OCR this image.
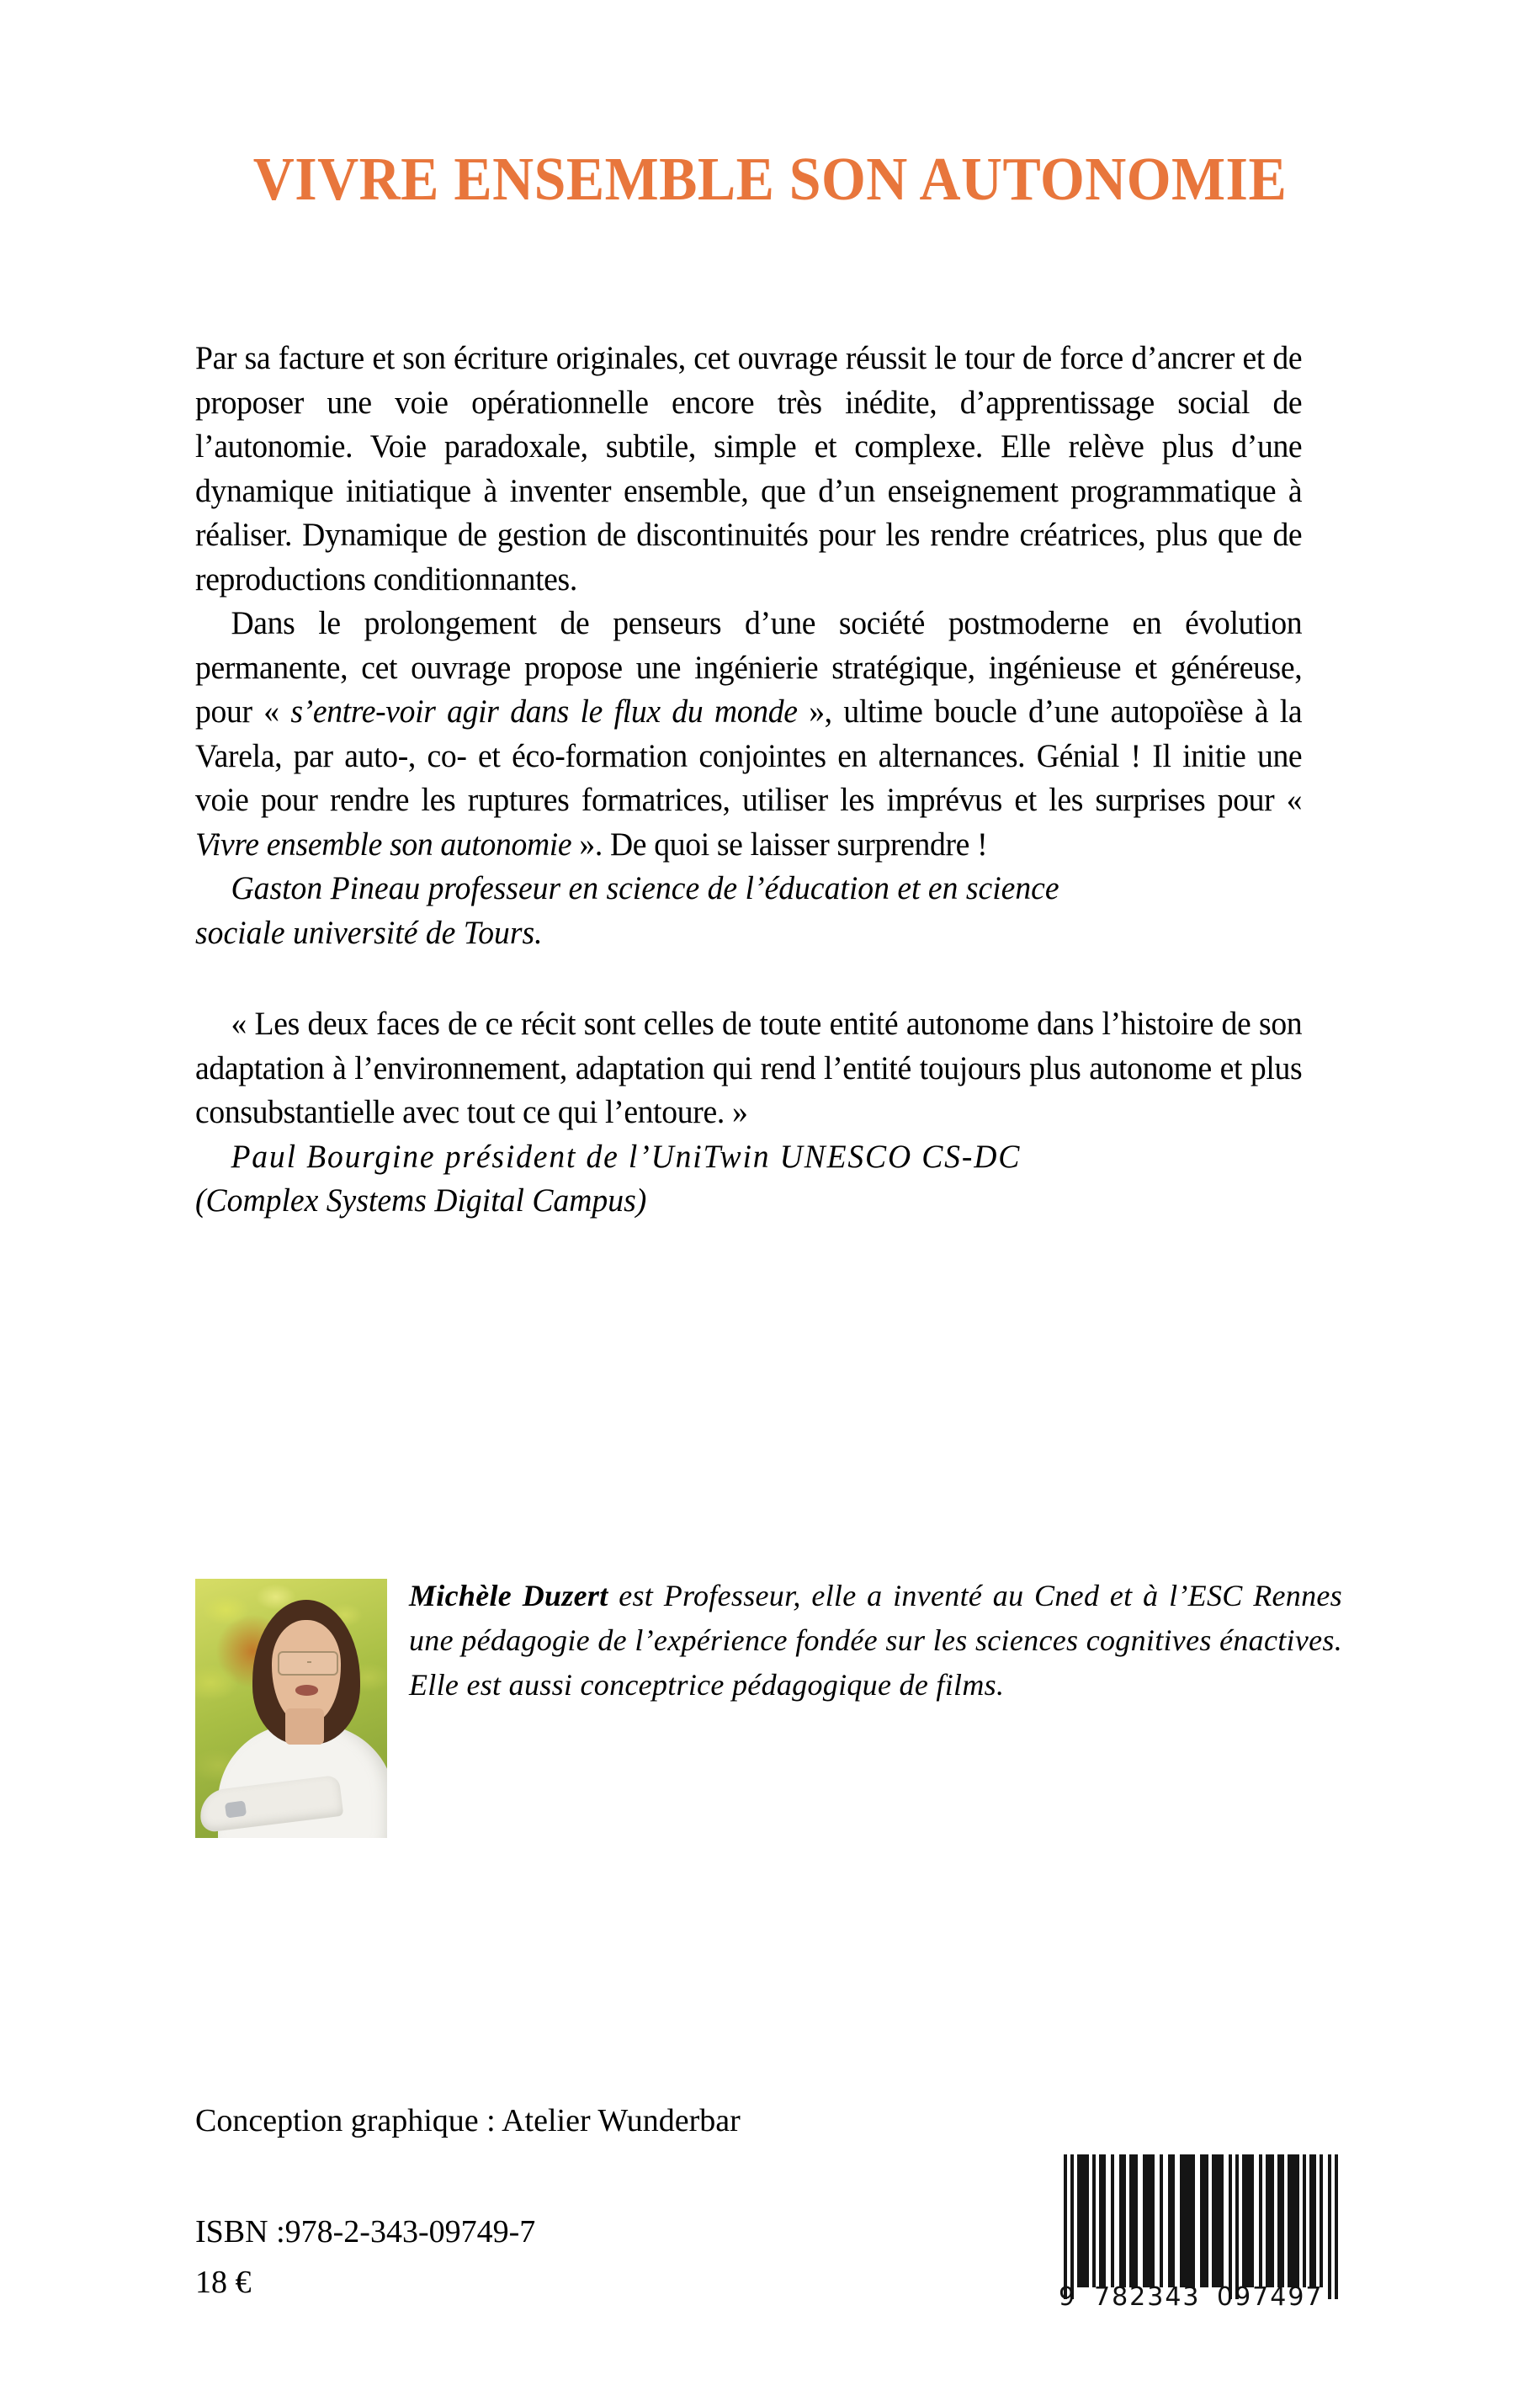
VIVRE ENSEMBLE SON AUTONOMIE

Par sa facture et son écriture originales, cet ouvrage réussit le tour de force d’ancrer et de proposer une voie opérationnelle encore très inédite, d’apprentissage social de l’autonomie. Voie paradoxale, subtile, simple et complexe. Elle relève plus d’une dynamique initiatique à inventer ensemble, que d’un enseignement programmatique à réaliser. Dynamique de gestion de discontinuités pour les rendre créatrices, plus que de reproductions conditionnantes.

Dans le prolongement de penseurs d’une société postmoderne en évolution permanente, cet ouvrage propose une ingénierie stratégique, ingénieuse et généreuse, pour « s’entre-voir agir dans le flux du monde », ultime boucle d’une autopoïèse à la Varela, par auto-, co- et éco-formation conjointes en alternances. Génial ! Il initie une voie pour rendre les ruptures formatrices, utiliser les imprévus et les surprises pour « Vivre ensemble son autonomie ». De quoi se laisser surprendre !

Gaston Pineau professeur en science de l’éducation et en science

sociale université de Tours.

« Les deux faces de ce récit sont celles de toute entité autonome dans l’histoire de son adaptation à l’environnement, adaptation qui rend l’entité toujours plus autonome et plus consubstantielle avec tout ce qui l’entoure. »

Paul Bourgine président de l’UniTwin UNESCO CS-DC

(Complex Systems Digital Campus)

Michèle Duzert est Professeur, elle a inventé au Cned et à l’ESC Rennes une pédagogie de l’expérience fondée sur les sciences cognitives énactives. Elle est aussi conceptrice pédagogique de films.

Conception graphique : Atelier Wunderbar
ISBN :978-2-343-09749-7
18 €	9 782343 097497
